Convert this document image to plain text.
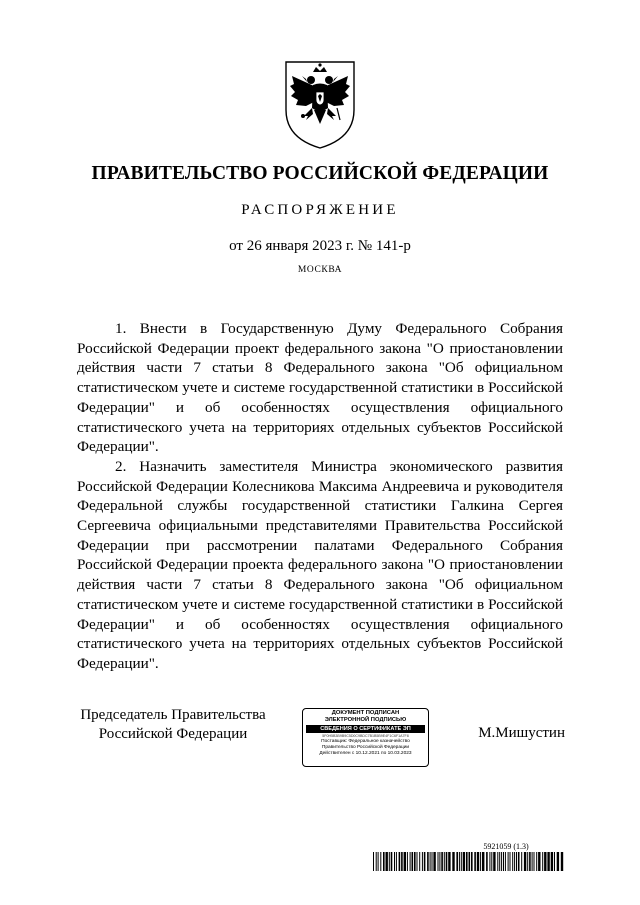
ПРАВИТЕЛЬСТВО РОССИЙСКОЙ ФЕДЕРАЦИИ
РАСПОРЯЖЕНИЕ
от 26 января 2023 г. № 141-р
МОСКВА

1. Внести в Государственную Думу Федерального Собрания Российской Федерации проект федерального закона "О приостановлении действия части 7 статьи 8 Федерального закона "Об официальном статистическом учете и системе государственной статистики в Российской Федерации" и об особенностях осуществления официального статистического учета на территориях отдельных субъектов Российской Федерации".

2. Назначить заместителя Министра экономического развития Российской Федерации Колесникова Максима Андреевича и руководителя Федеральной службы государственной статистики Галкина Сергея Сергеевича официальными представителями Правительства Российской Федерации при рассмотрении палатами Федерального Собрания Российской Федерации проекта федерального закона "О приостановлении действия части 7 статьи 8 Федерального закона "Об официальном статистическом учете и системе государственной статистики в Российской Федерации" и об особенностях осуществления официального статистического учета на территориях отдельных субъектов Российской Федерации".

Председатель Правительства
Российской Федерации
ДОКУМЕНТ ПОДПИСАН
ЭЛЕКТРОННОЙ ПОДПИСЬЮ
СВЕДЕНИЯ О СЕРТИФИКАТЕ ЭП
5F0H5B3B9B9C5D0C9BDC7B1B5B9E4F1C6F1A7F8
Поставщик: Федеральное казначейство
Правительство Российской Федерации
Действителен с 10.12.2021 по 10.03.2023
М.Мишустин
5921059 (1.3)
